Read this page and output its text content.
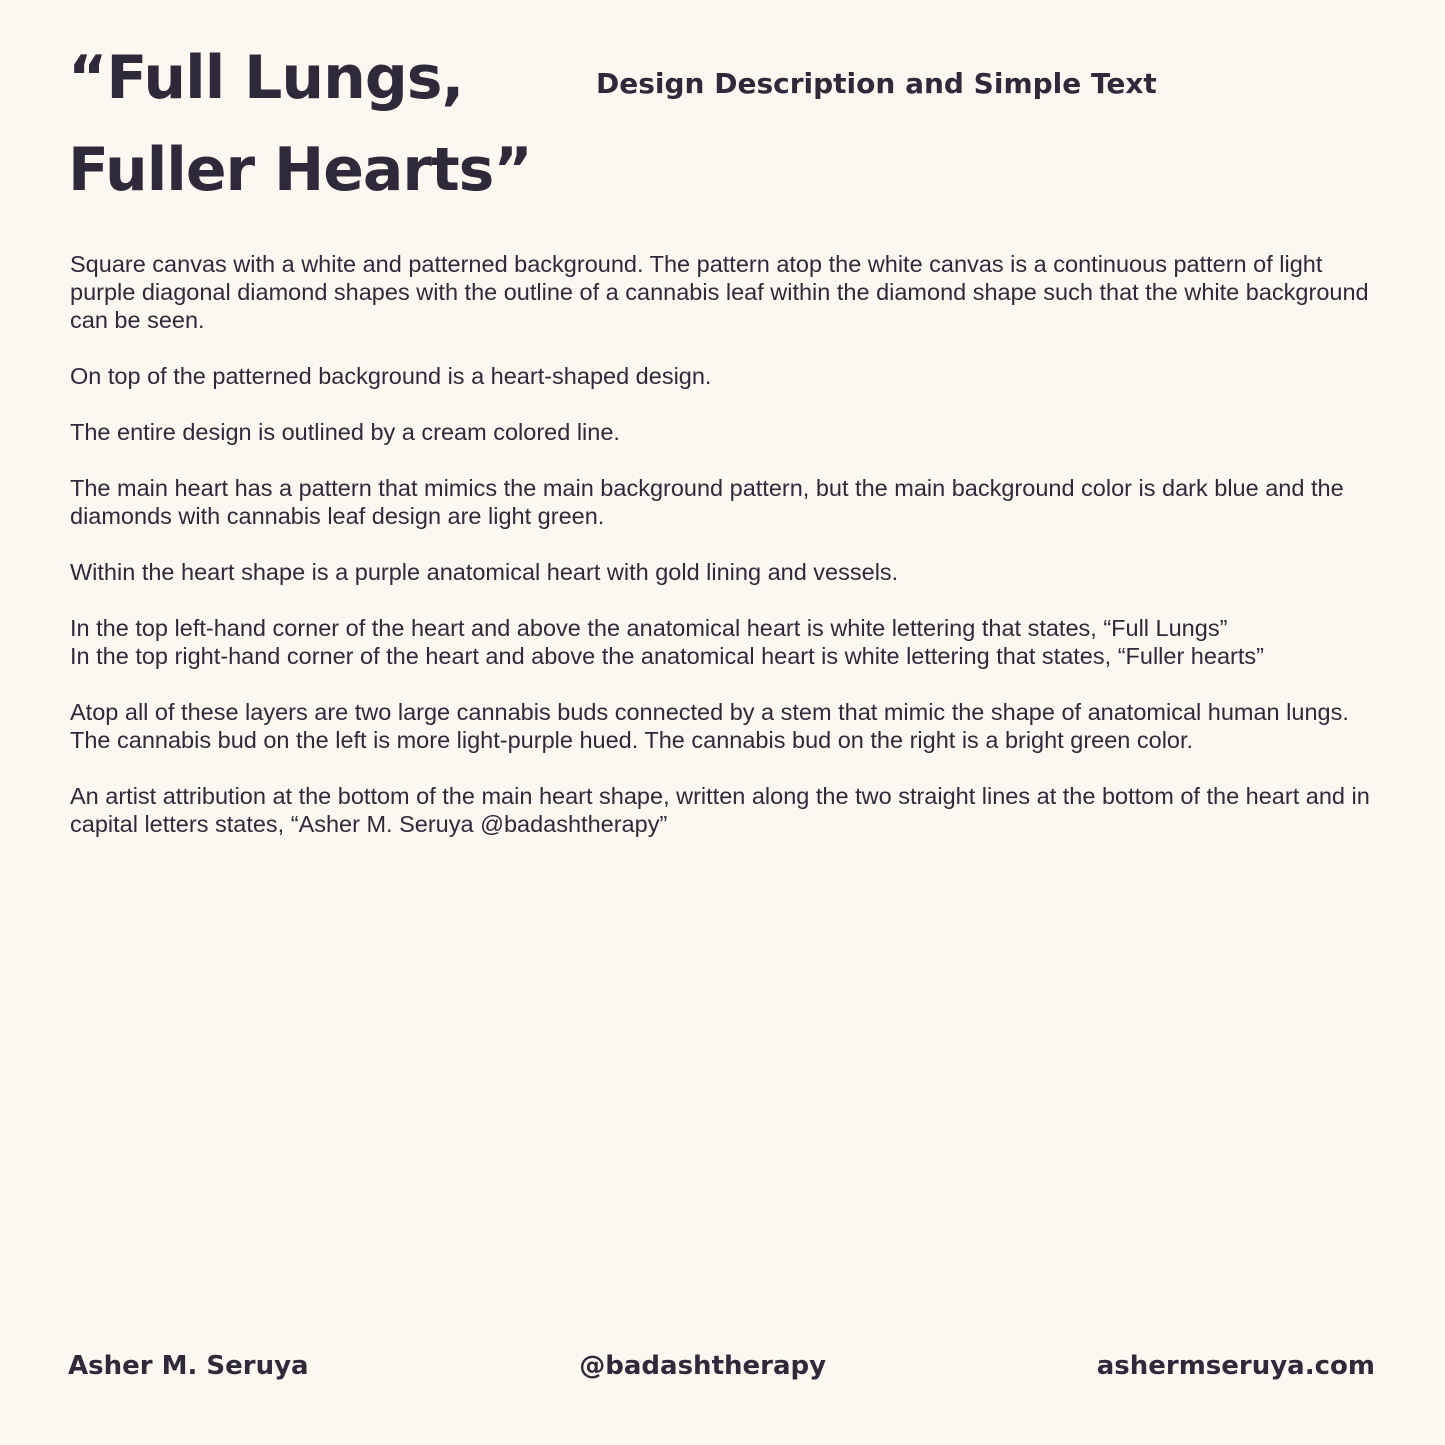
“Full Lungs,
Fuller Hearts”
Design Description and Simple Text

Square canvas with a white and patterned background. The pattern atop the white canvas is a continuous pattern of light purple diagonal diamond shapes with the outline of a cannabis leaf within the diamond shape such that the white background can be seen.

On top of the patterned background is a heart-shaped design.

The entire design is outlined by a cream colored line.

The main heart has a pattern that mimics the main background pattern, but the main background color is dark blue and the diamonds with cannabis leaf design are light green.

Within the heart shape is a purple anatomical heart with gold lining and vessels.

In the top left-hand corner of the heart and above the anatomical heart is white lettering that states, “Full Lungs”

In the top right-hand corner of the heart and above the anatomical heart is white lettering that states, “Fuller hearts”

Atop all of these layers are two large cannabis buds connected by a stem that mimic the shape of anatomical human lungs. The cannabis bud on the left is more light-purple hued. The cannabis bud on the right is a bright green color.

An artist attribution at the bottom of the main heart shape, written along the two straight lines at the bottom of the heart and in capital letters states, “Asher M. Seruya @badashtherapy”

Asher M. Seruya	@badashtherapy	ashermseruya.com
